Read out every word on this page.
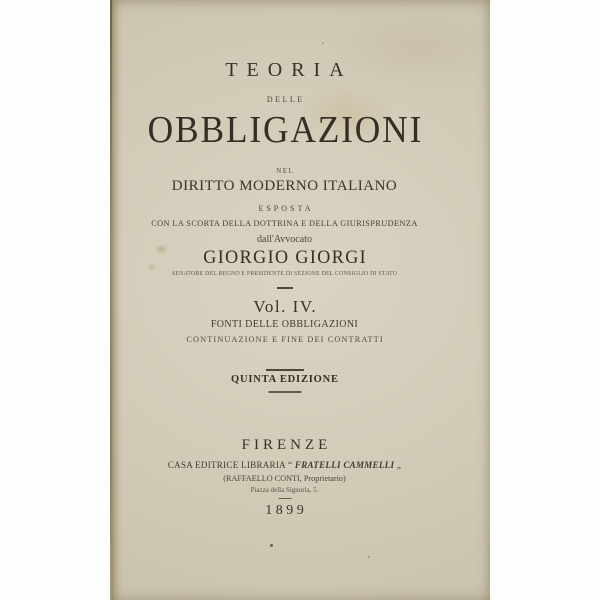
TEORIA
DELLE
OBBLIGAZIONI
NEL
DIRITTO MODERNO ITALIANO
ESPOSTA
CON LA SCORTA DELLA DOTTRINA E DELLA GIURISPRUDENZA
dall'Avvocato
GIORGIO GIORGI
SENATORE DEL REGNO E PRESIDENTE DI SEZIONE DEL CONSIGLIO DI STATO
Vol. IV.
FONTI DELLE OBBLIGAZIONI
CONTINUAZIONE E FINE DEI CONTRATTI
QUINTA EDIZIONE
FIRENZE
CASA EDITRICE LIBRARIA “ FRATELLI CAMMELLI „
(RAFFAELLO CONTI, Proprietario)
Piazza della Signoria, 5.
1899
